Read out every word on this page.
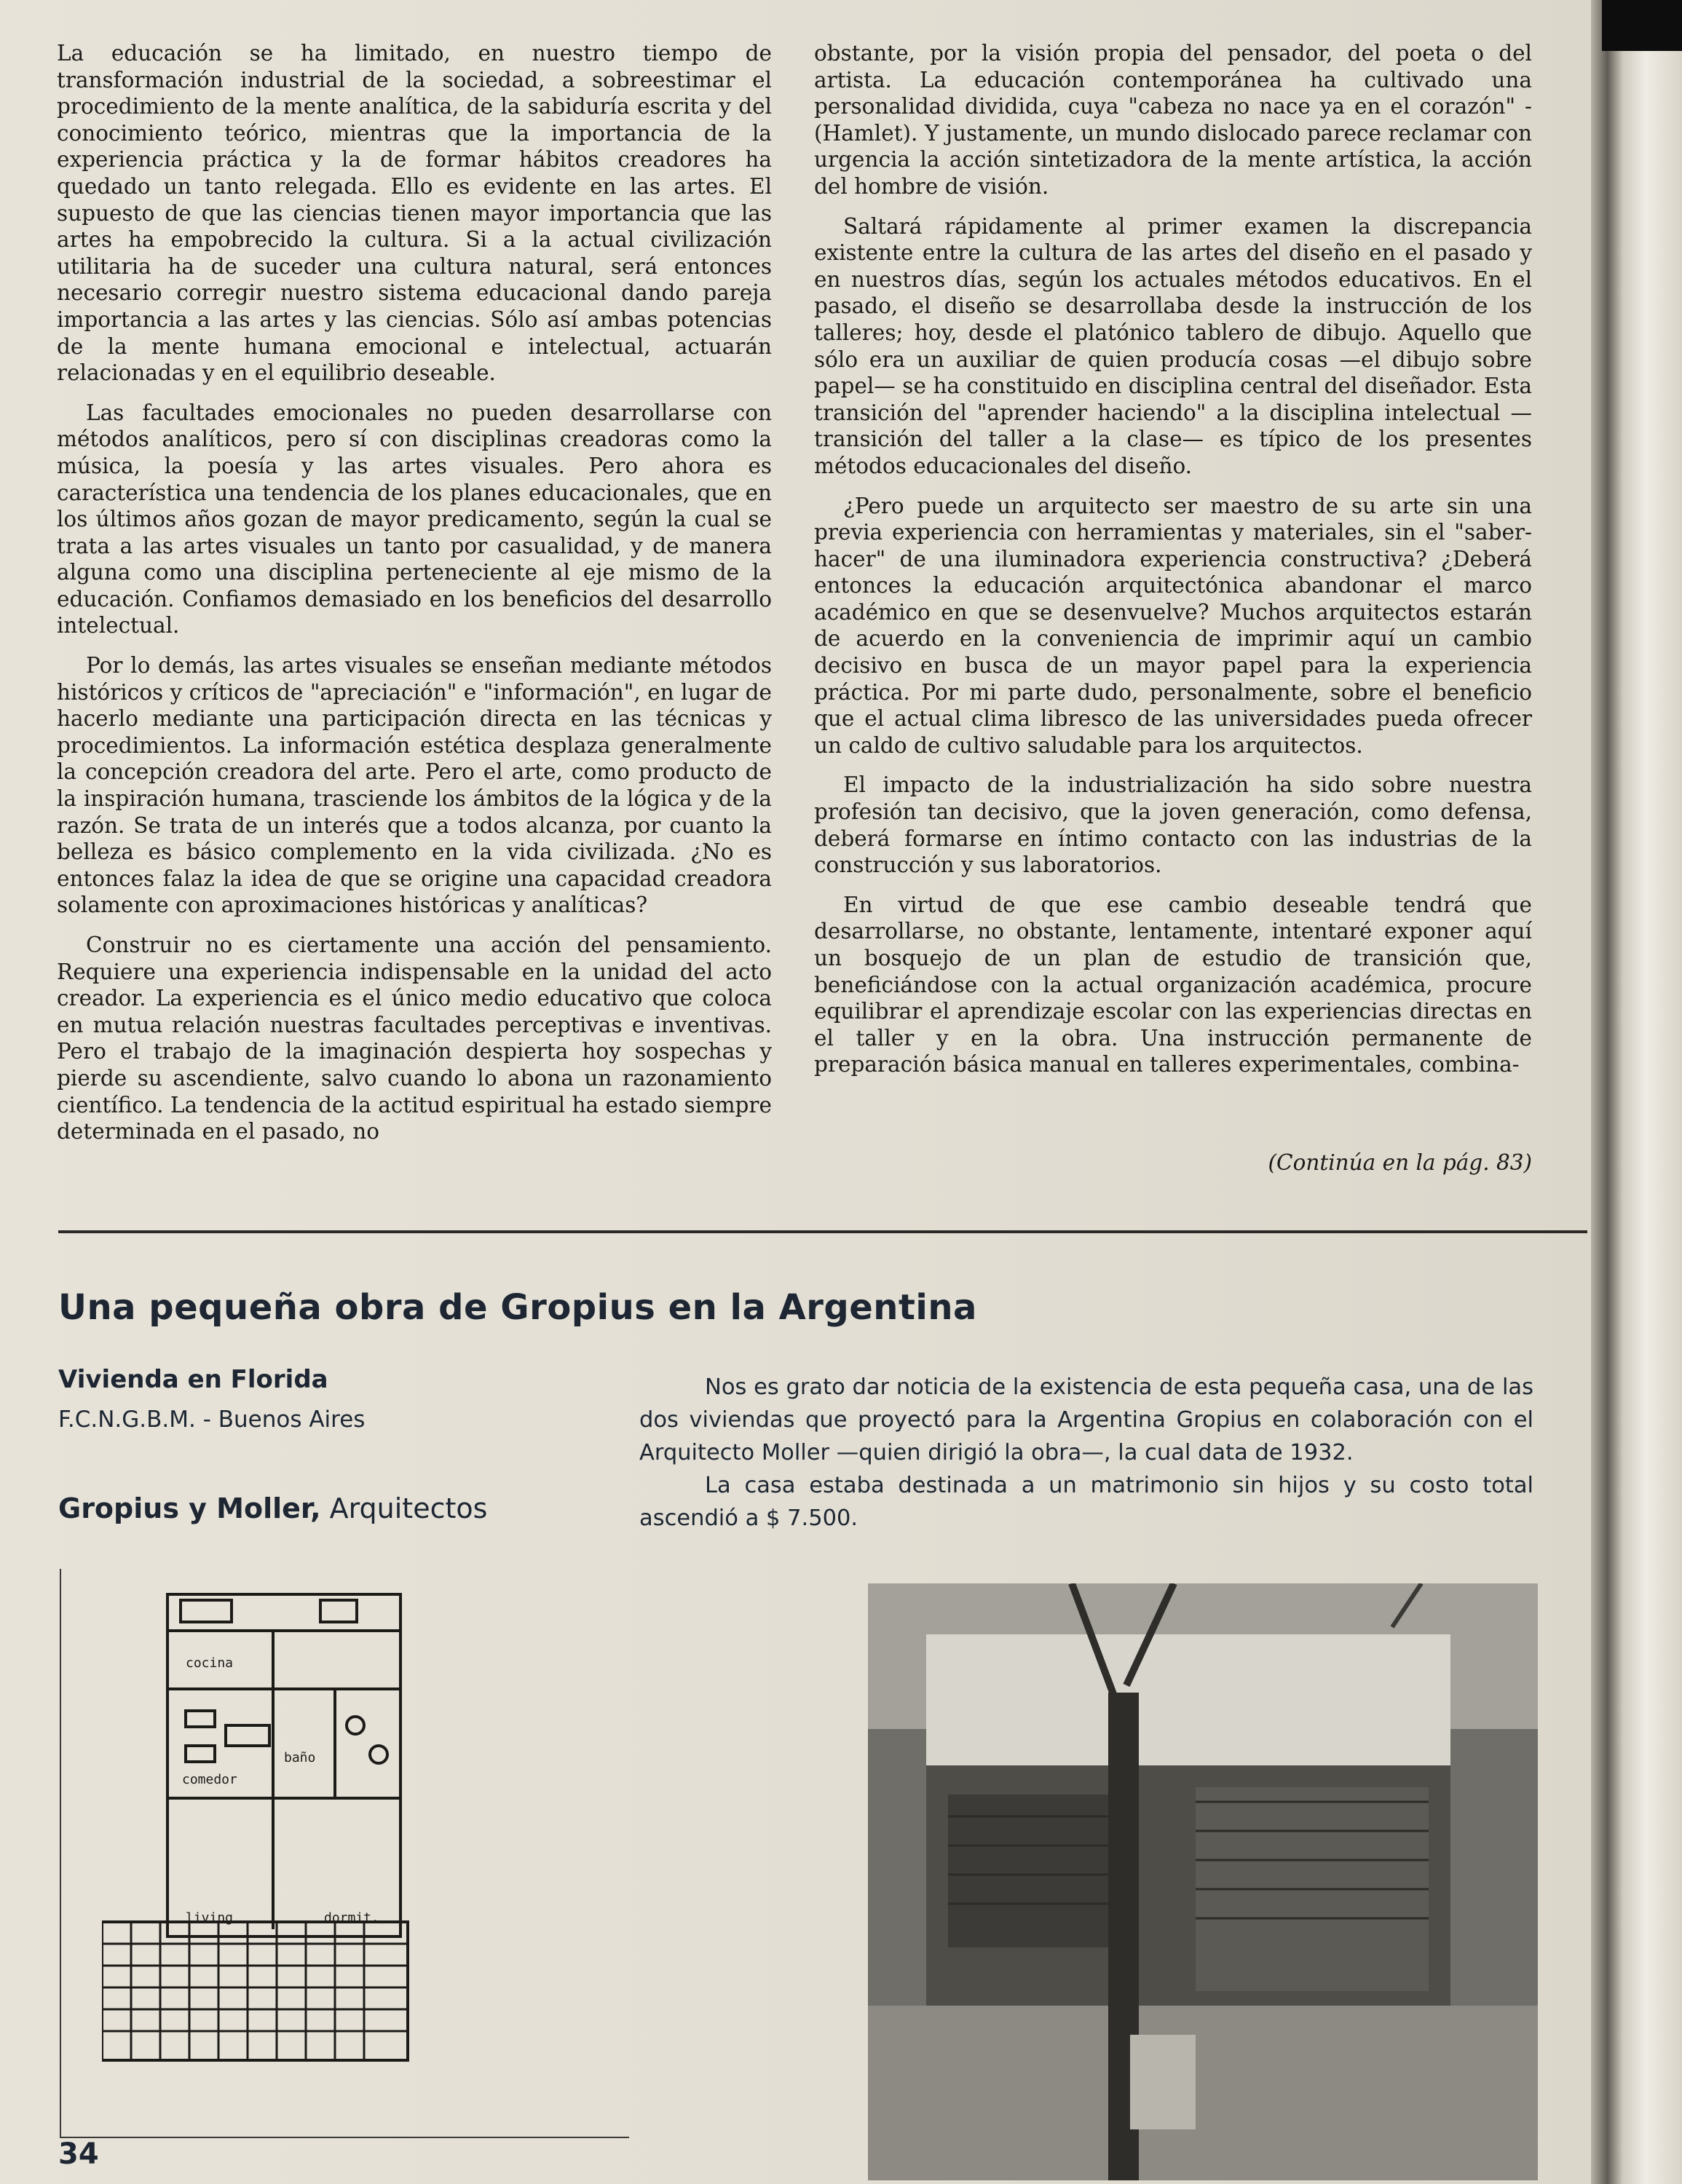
La educación se ha limitado, en nuestro tiempo de transformación industrial de la sociedad, a sobreestimar el procedimiento de la mente analítica, de la sabiduría escrita y del conocimiento teórico, mientras que la importancia de la experiencia práctica y la de formar hábitos creadores ha quedado un tanto relegada. Ello es evidente en las artes. El supuesto de que las ciencias tienen mayor importancia que las artes ha empobrecido la cultura. Si a la actual civilización utilitaria ha de suceder una cultura natural, será entonces necesario corregir nuestro sistema educacional dando pareja importancia a las artes y las ciencias. Sólo así ambas potencias de la mente humana emocional e intelectual, actuarán relacionadas y en el equilibrio deseable.

Las facultades emocionales no pueden desarrollarse con métodos analíticos, pero sí con disciplinas creadoras como la música, la poesía y las artes visuales. Pero ahora es característica una tendencia de los planes educacionales, que en los últimos años gozan de mayor predicamento, según la cual se trata a las artes visuales un tanto por casualidad, y de manera alguna como una disciplina perteneciente al eje mismo de la educación. Confiamos demasiado en los beneficios del desarrollo intelectual.

Por lo demás, las artes visuales se enseñan mediante métodos históricos y críticos de "apreciación" e "información", en lugar de hacerlo mediante una participación directa en las técnicas y procedimientos. La información estética desplaza generalmente la concepción creadora del arte. Pero el arte, como producto de la inspiración humana, trasciende los ámbitos de la lógica y de la razón. Se trata de un interés que a todos alcanza, por cuanto la belleza es básico complemento en la vida civilizada. ¿No es entonces falaz la idea de que se origine una capacidad creadora solamente con aproximaciones históricas y analíticas?

Construir no es ciertamente una acción del pensamiento. Requiere una experiencia indispensable en la unidad del acto creador. La experiencia es el único medio educativo que coloca en mutua relación nuestras facultades perceptivas e inventivas. Pero el trabajo de la imaginación despierta hoy sospechas y pierde su ascendiente, salvo cuando lo abona un razonamiento científico. La tendencia de la actitud espiritual ha estado siempre determinada en el pasado, no

obstante, por la visión propia del pensador, del poeta o del artista. La educación contemporánea ha cultivado una personalidad dividida, cuya "cabeza no nace ya en el corazón" - (Hamlet). Y justamente, un mundo dislocado parece reclamar con urgencia la acción sintetizadora de la mente artística, la acción del hombre de visión.

Saltará rápidamente al primer examen la discrepancia existente entre la cultura de las artes del diseño en el pasado y en nuestros días, según los actuales métodos educativos. En el pasado, el diseño se desarrollaba desde la instrucción de los talleres; hoy, desde el platónico tablero de dibujo. Aquello que sólo era un auxiliar de quien producía cosas —el dibujo sobre papel— se ha constituido en disciplina central del diseñador. Esta transición del "aprender haciendo" a la disciplina intelectual —transición del taller a la clase— es típico de los presentes métodos educacionales del diseño.

¿Pero puede un arquitecto ser maestro de su arte sin una previa experiencia con herramientas y materiales, sin el "saber-hacer" de una iluminadora experiencia constructiva? ¿Deberá entonces la educación arquitectónica abandonar el marco académico en que se desenvuelve? Muchos arquitectos estarán de acuerdo en la conveniencia de imprimir aquí un cambio decisivo en busca de un mayor papel para la experiencia práctica. Por mi parte dudo, personalmente, sobre el beneficio que el actual clima libresco de las universidades pueda ofrecer un caldo de cultivo saludable para los arquitectos.

El impacto de la industrialización ha sido sobre nuestra profesión tan decisivo, que la joven generación, como defensa, deberá formarse en íntimo contacto con las industrias de la construcción y sus laboratorios.

En virtud de que ese cambio deseable tendrá que desarrollarse, no obstante, lentamente, intentaré exponer aquí un bosquejo de un plan de estudio de transición que, beneficiándose con la actual organización académica, procure equilibrar el aprendizaje escolar con las experiencias directas en el taller y en la obra. Una instrucción permanente de preparación básica manual en talleres experimentales, combina-

(Continúa en la pág. 83)
Una pequeña obra de Gropius en la Argentina
Vivienda en Florida
F.C.N.G.B.M. - Buenos Aires
Gropius y Moller, Arquitectos

Nos es grato dar noticia de la existencia de esta pequeña casa, una de las dos viviendas que proyectó para la Argentina Gropius en colaboración con el Arquitecto Moller —quien dirigió la obra—, la cual data de 1932.

La casa estaba destinada a un matrimonio sin hijos y su costo total ascendió a $ 7.500.

cocina
baño
comedor
living	dormit.
34
